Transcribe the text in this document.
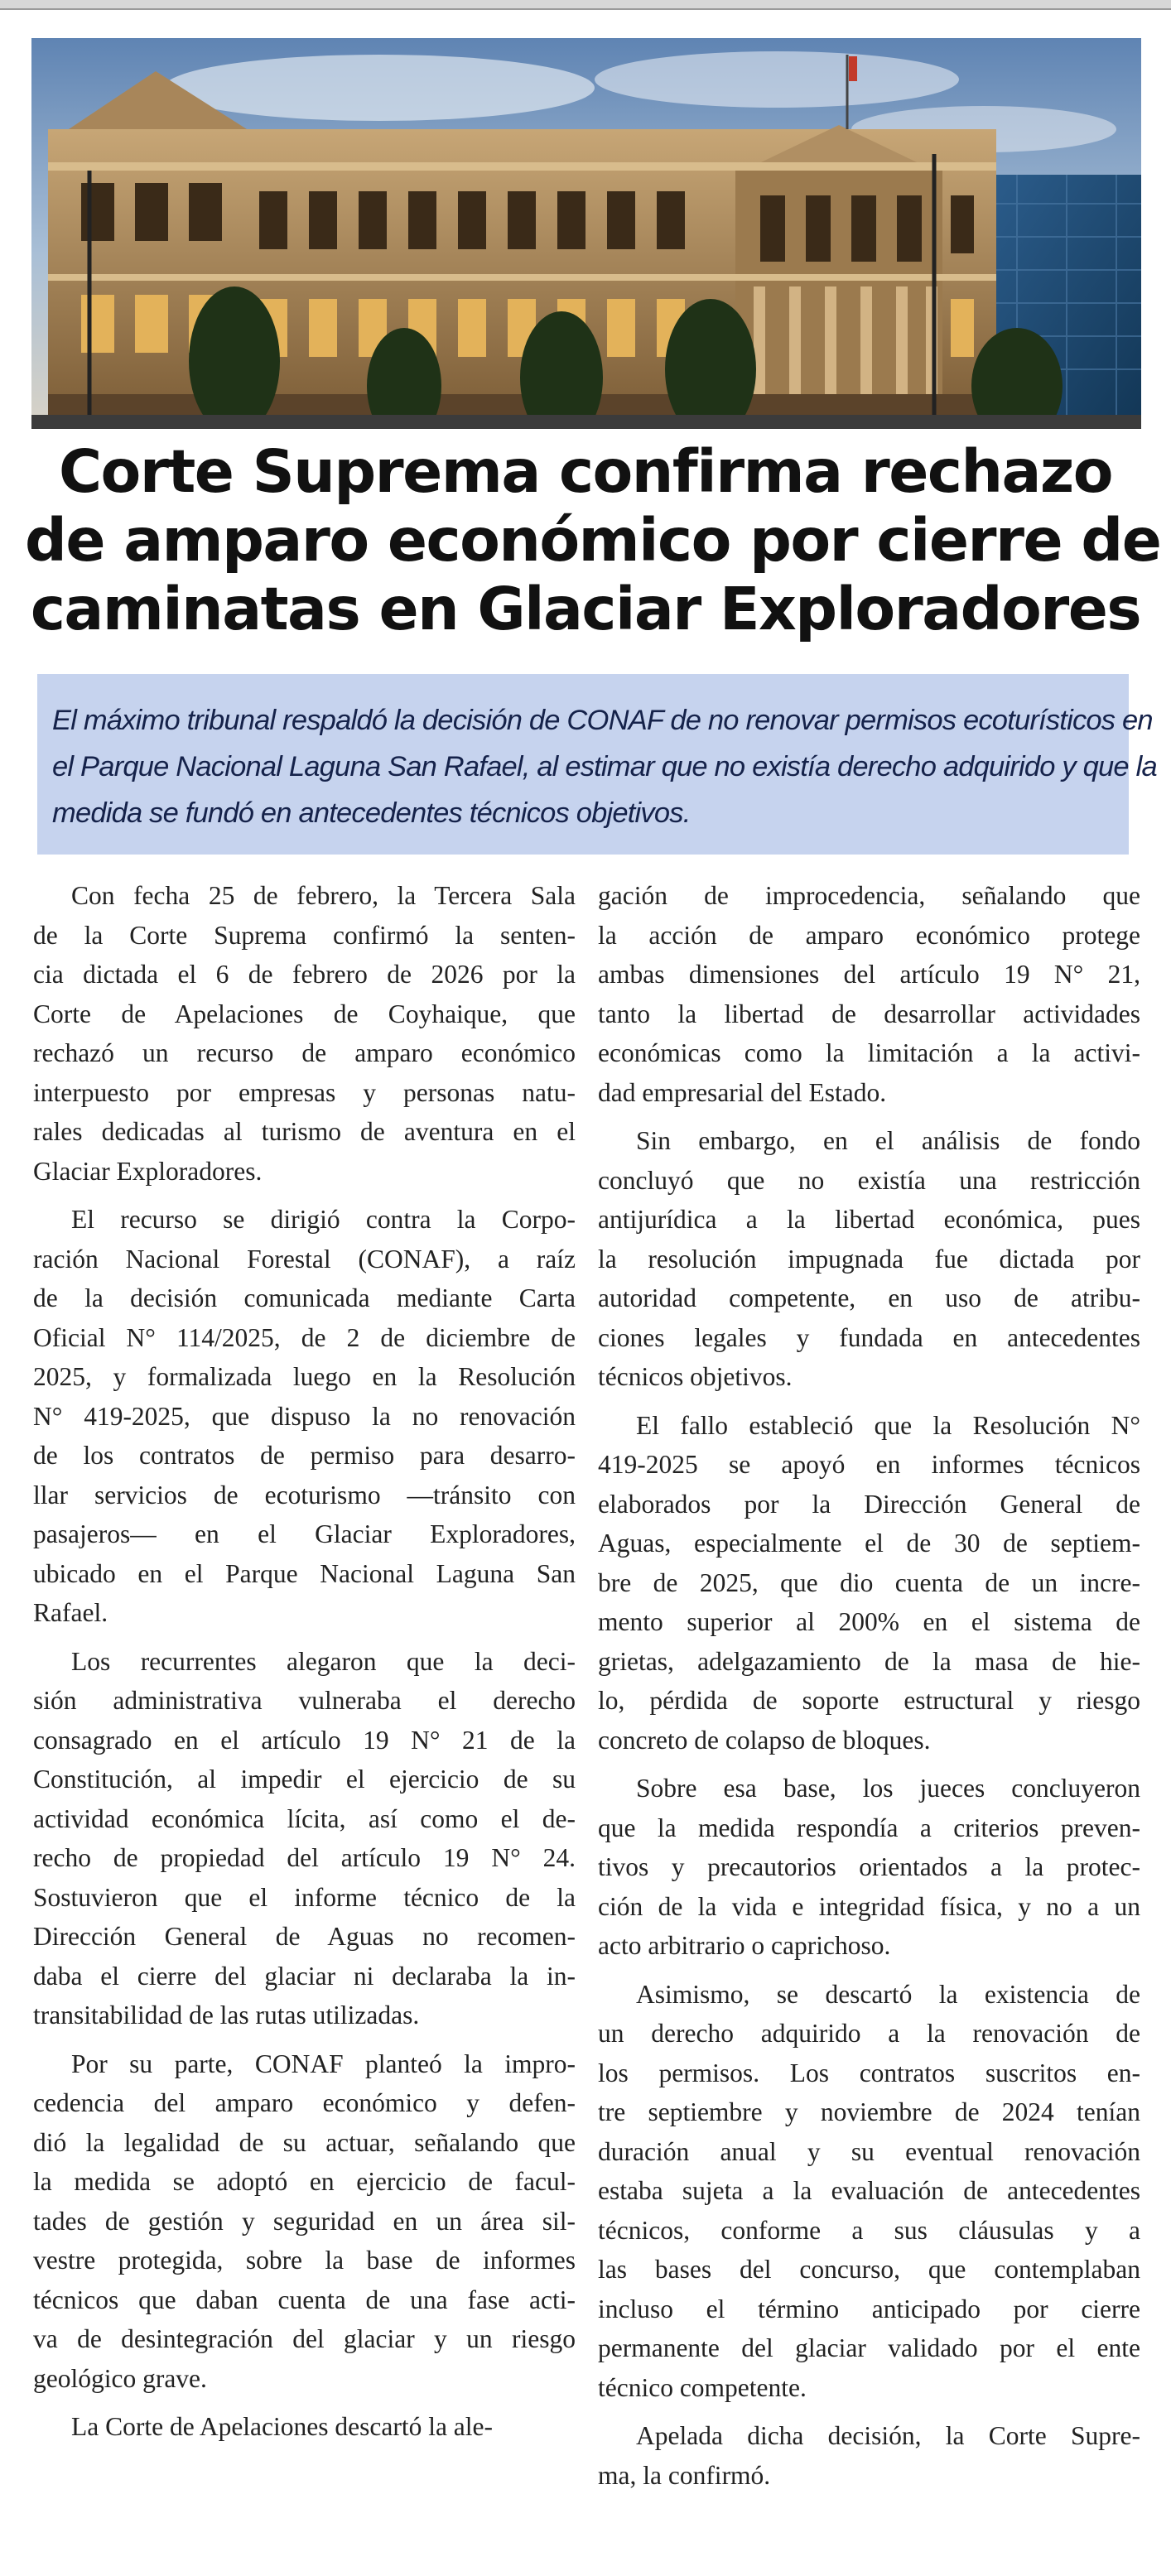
Corte Suprema confirma rechazo
de amparo económico por cierre de
caminatas en Glaciar Exploradores
El máximo tribunal respaldó la decisión de CONAF de no renovar permisos ecoturísticos en
el Parque Nacional Laguna San Rafael, al estimar que no existía derecho adquirido y que la
medida se fundó en antecedentes técnicos objetivos.

Con fecha 25 de febrero, la Tercera Sala
de la Corte Suprema confirmó la senten-
cia dictada el 6 de febrero de 2026 por la
Corte de Apelaciones de Coyhaique, que
rechazó un recurso de amparo económico
interpuesto por empresas y personas natu-
rales dedicadas al turismo de aventura en el
Glaciar Exploradores.

El recurso se dirigió contra la Corpo-
ración Nacional Forestal (CONAF), a raíz
de la decisión comunicada mediante Carta
Oficial N° 114/2025, de 2 de diciembre de
2025, y formalizada luego en la Resolución
N° 419-2025, que dispuso la no renovación
de los contratos de permiso para desarro-
llar servicios de ecoturismo —tránsito con
pasajeros— en el Glaciar Exploradores,
ubicado en el Parque Nacional Laguna San
Rafael.

Los recurrentes alegaron que la deci-
sión administrativa vulneraba el derecho
consagrado en el artículo 19 N° 21 de la
Constitución, al impedir el ejercicio de su
actividad económica lícita, así como el de-
recho de propiedad del artículo 19 N° 24.
Sostuvieron que el informe técnico de la
Dirección General de Aguas no recomen-
daba el cierre del glaciar ni declaraba la in-
transitabilidad de las rutas utilizadas.

Por su parte, CONAF planteó la impro-
cedencia del amparo económico y defen-
dió la legalidad de su actuar, señalando que
la medida se adoptó en ejercicio de facul-
tades de gestión y seguridad en un área sil-
vestre protegida, sobre la base de informes
técnicos que daban cuenta de una fase acti-
va de desintegración del glaciar y un riesgo
geológico grave.

La Corte de Apelaciones descartó la ale-

gación de improcedencia, señalando que
la acción de amparo económico protege
ambas dimensiones del artículo 19 N° 21,
tanto la libertad de desarrollar actividades
económicas como la limitación a la activi-
dad empresarial del Estado.

Sin embargo, en el análisis de fondo
concluyó que no existía una restricción
antijurídica a la libertad económica, pues
la resolución impugnada fue dictada por
autoridad competente, en uso de atribu-
ciones legales y fundada en antecedentes
técnicos objetivos.

El fallo estableció que la Resolución N°
419-2025 se apoyó en informes técnicos
elaborados por la Dirección General de
Aguas, especialmente el de 30 de septiem-
bre de 2025, que dio cuenta de un incre-
mento superior al 200% en el sistema de
grietas, adelgazamiento de la masa de hie-
lo, pérdida de soporte estructural y riesgo
concreto de colapso de bloques.

Sobre esa base, los jueces concluyeron
que la medida respondía a criterios preven-
tivos y precautorios orientados a la protec-
ción de la vida e integridad física, y no a un
acto arbitrario o caprichoso.

Asimismo, se descartó la existencia de
un derecho adquirido a la renovación de
los permisos. Los contratos suscritos en-
tre septiembre y noviembre de 2024 tenían
duración anual y su eventual renovación
estaba sujeta a la evaluación de antecedentes
técnicos, conforme a sus cláusulas y a
las bases del concurso, que contemplaban
incluso el término anticipado por cierre
permanente del glaciar validado por el ente
técnico competente.

Apelada dicha decisión, la Corte Supre-
ma, la confirmó.
